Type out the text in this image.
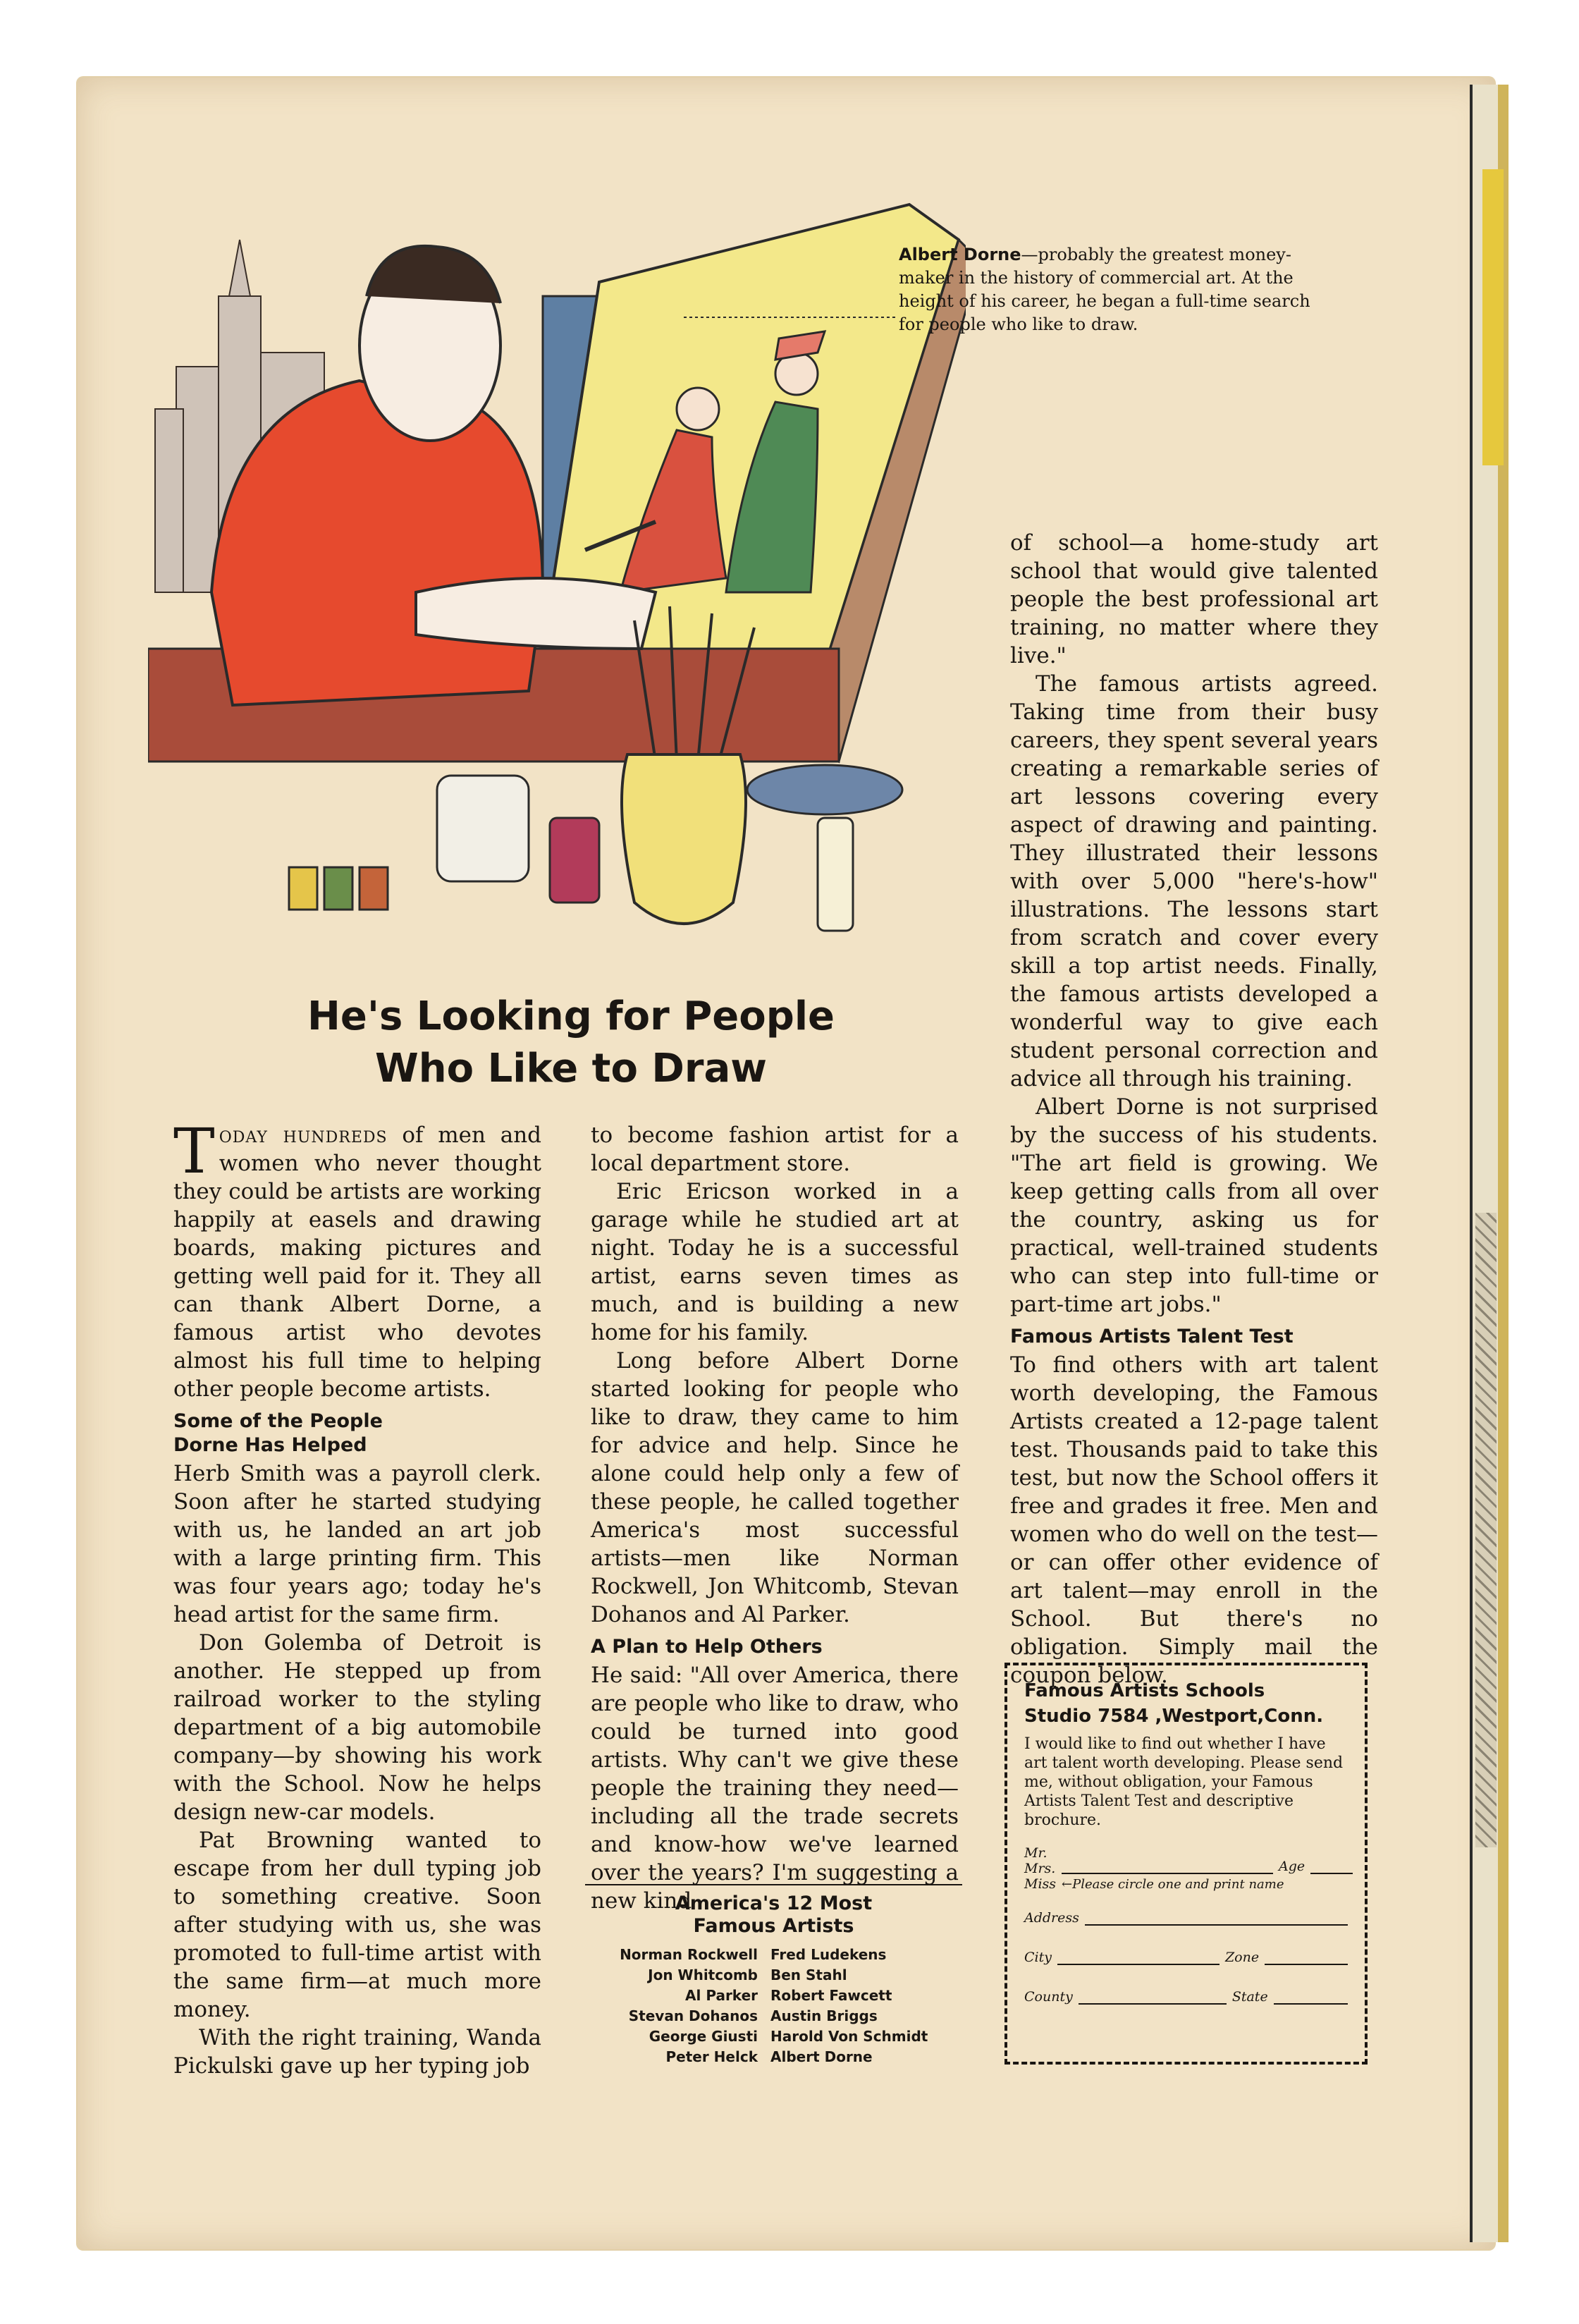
Albert Dorne—probably the greatest money-maker in the history of commercial art. At the height of his career, he began a full-time search for people who like to draw.
He's Looking for People
Who Like to Draw

Today hundreds of men and women who never thought they could be artists are working happily at easels and drawing boards, making pictures and getting well paid for it. They all can thank Albert Dorne, a famous artist who devotes almost his full time to helping other people become artists.

Some of the People
Dorne Has Helped

Herb Smith was a payroll clerk. Soon after he started studying with us, he landed an art job with a large printing firm. This was four years ago; today he's head artist for the same firm.

Don Golemba of Detroit is another. He stepped up from railroad worker to the styling department of a big automobile company—by showing his work with the School. Now he helps design new-car models.

Pat Browning wanted to escape from her dull typing job to something creative. Soon after studying with us, she was promoted to full-time artist with the same firm—at much more money.

With the right training, Wanda Pickulski gave up her typing job

to become fashion artist for a local department store.

Eric Ericson worked in a garage while he studied art at night. Today he is a successful artist, earns seven times as much, and is building a new home for his family.

Long before Albert Dorne started looking for people who like to draw, they came to him for advice and help. Since he alone could help only a few of these people, he called together America's most successful artists—men like Norman Rockwell, Jon Whitcomb, Stevan Dohanos and Al Parker.

A Plan to Help Others

He said: "All over America, there are people who like to draw, who could be turned into good artists. Why can't we give these people the training they need—including all the trade secrets and know-how we've learned over the years? I'm suggesting a new kind

of school—a home-study art school that would give talented people the best professional art training, no matter where they live."

The famous artists agreed. Taking time from their busy careers, they spent several years creating a remarkable series of art lessons covering every aspect of drawing and painting. They illustrated their lessons with over 5,000 "here's-how" illustrations. The lessons start from scratch and cover every skill a top artist needs. Finally, the famous artists developed a wonderful way to give each student personal correction and advice all through his training.

Albert Dorne is not surprised by the success of his students. "The art field is growing. We keep getting calls from all over the country, asking us for practical, well-trained students who can step into full-time or part-time art jobs."

Famous Artists Talent Test

To find others with art talent worth developing, the Famous Artists created a 12-page talent test. Thousands paid to take this test, but now the School offers it free and grades it free. Men and women who do well on the test—or can offer other evidence of art talent—may enroll in the School. But there's no obligation. Simply mail the coupon below.

America's 12 Most
Famous Artists
Norman Rockwell
Jon Whitcomb
Al Parker
Stevan Dohanos
George Giusti
Peter Helck
Fred Ludekens
Ben Stahl
Robert Fawcett
Austin Briggs
Harold Von Schmidt
Albert Dorne
Famous Artists Schools
Studio 7584 ,Westport,Conn.
I would like to find out whether I have art talent worth developing. Please send me, without obligation, your Famous Artists Talent Test and descriptive brochure.
Mr.
Mrs.
Miss
Age
←Please circle one and print name
Address
City	Zone
County	State
